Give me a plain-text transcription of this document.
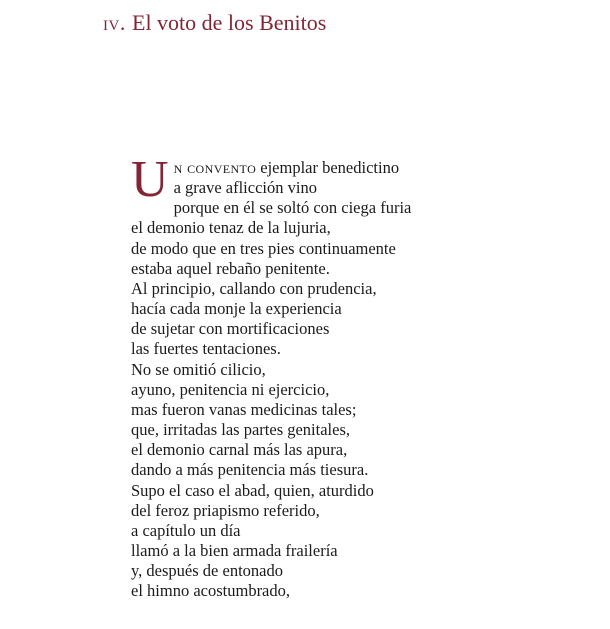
iv. El voto de los Benitos
Un convento ejemplar benedictino
a grave aflicción vino
porque en él se soltó con ciega furia
el demonio tenaz de la lujuria,
de modo que en tres pies continuamente
estaba aquel rebaño penitente.
Al principio, callando con prudencia,
hacía cada monje la experiencia
de sujetar con mortificaciones
las fuertes tentaciones.
No se omitió cilicio,
ayuno, penitencia ni ejercicio,
mas fueron vanas medicinas tales;
que, irritadas las partes genitales,
el demonio carnal más las apura,
dando a más penitencia más tiesura.
Supo el caso el abad, quien, aturdido
del feroz priapismo referido,
a capítulo un día
llamó a la bien armada frailería
y, después de entonado
el himno acostumbrado,
